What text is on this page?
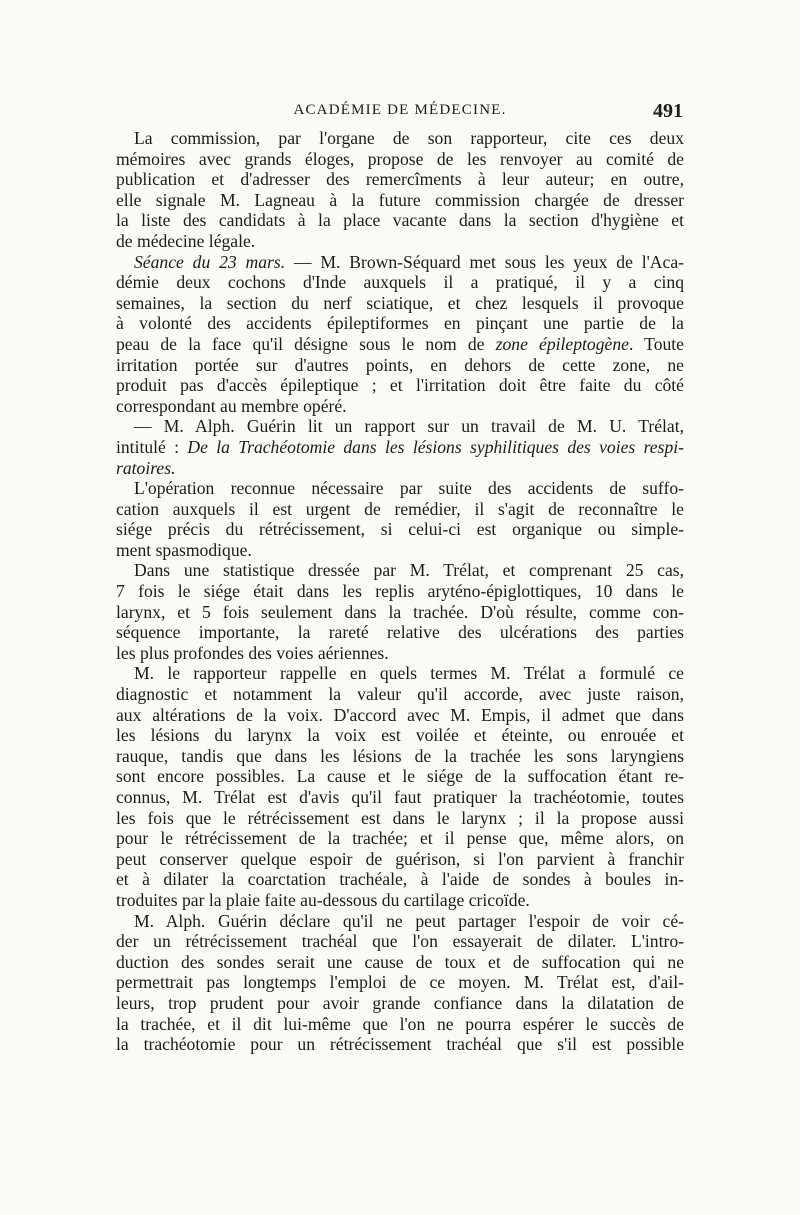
ACADÉMIE DE MÉDECINE.	491
La commission, par l'organe de son rapporteur, cite ces deux
mémoires avec grands éloges, propose de les renvoyer au comité de
publication et d'adresser des remercîments à leur auteur; en outre,
elle signale M. Lagneau à la future commission chargée de dresser
la liste des candidats à la place vacante dans la section d'hygiène et
de médecine légale.
Séance du 23 mars. — M. Brown-Séquard met sous les yeux de l'Aca-
démie deux cochons d'Inde auxquels il a pratiqué, il y a cinq
semaines, la section du nerf sciatique, et chez lesquels il provoque
à volonté des accidents épileptiformes en pinçant une partie de la
peau de la face qu'il désigne sous le nom de zone épileptogène. Toute
irritation portée sur d'autres points, en dehors de cette zone, ne
produit pas d'accès épileptique ; et l'irritation doit être faite du côté
correspondant au membre opéré.
— M. Alph. Guérin lit un rapport sur un travail de M. U. Trélat,
intitulé : De la Trachéotomie dans les lésions syphilitiques des voies respi-
ratoires.
L'opération reconnue nécessaire par suite des accidents de suffo-
cation auxquels il est urgent de remédier, il s'agit de reconnaître le
siége précis du rétrécissement, si celui-ci est organique ou simple-
ment spasmodique.
Dans une statistique dressée par M. Trélat, et comprenant 25 cas,
7 fois le siége était dans les replis aryténo-épiglottiques, 10 dans le
larynx, et 5 fois seulement dans la trachée. D'où résulte, comme con-
séquence importante, la rareté relative des ulcérations des parties
les plus profondes des voies aériennes.
M. le rapporteur rappelle en quels termes M. Trélat a formulé ce
diagnostic et notamment la valeur qu'il accorde, avec juste raison,
aux altérations de la voix. D'accord avec M. Empis, il admet que dans
les lésions du larynx la voix est voilée et éteinte, ou enrouée et
rauque, tandis que dans les lésions de la trachée les sons laryngiens
sont encore possibles. La cause et le siége de la suffocation étant re-
connus, M. Trélat est d'avis qu'il faut pratiquer la trachéotomie, toutes
les fois que le rétrécissement est dans le larynx ; il la propose aussi
pour le rétrécissement de la trachée; et il pense que, même alors, on
peut conserver quelque espoir de guérison, si l'on parvient à franchir
et à dilater la coarctation trachéale, à l'aide de sondes à boules in-
troduites par la plaie faite au-dessous du cartilage cricoïde.
M. Alph. Guérin déclare qu'il ne peut partager l'espoir de voir cé-
der un rétrécissement trachéal que l'on essayerait de dilater. L'intro-
duction des sondes serait une cause de toux et de suffocation qui ne
permettrait pas longtemps l'emploi de ce moyen. M. Trélat est, d'ail-
leurs, trop prudent pour avoir grande confiance dans la dilatation de
la trachée, et il dit lui-même que l'on ne pourra espérer le succès de
la trachéotomie pour un rétrécissement trachéal que s'il est possible
